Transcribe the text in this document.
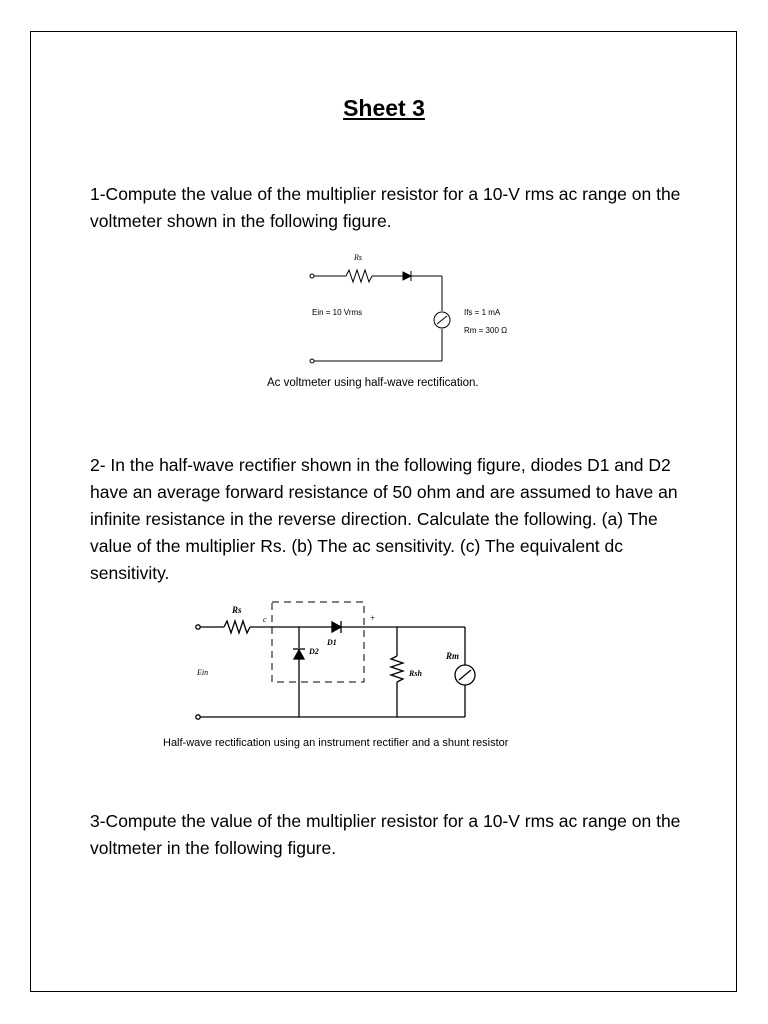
Sheet 3
1-Compute the value of the multiplier resistor for a 10-V rms ac range on the voltmeter shown in the following figure.
Rs
Ein = 10 Vrms	Ifs = 1 mA
Rm = 300 Ω
Ac voltmeter using half-wave rectification.
2- In the half-wave rectifier shown in the following figure, diodes D1 and D2 have an average forward resistance of 50 ohm and are assumed to have an infinite resistance in the reverse direction. Calculate the following. (a) The value of the multiplier Rs. (b) The ac sensitivity. (c) The equivalent dc sensitivity.
Rs
c	+
D1
D2
Ein	Rsh
Rm
Half-wave rectification using an instrument rectifier and a shunt resistor
3-Compute the value of the multiplier resistor for a 10-V rms ac range on the voltmeter in the following figure.
